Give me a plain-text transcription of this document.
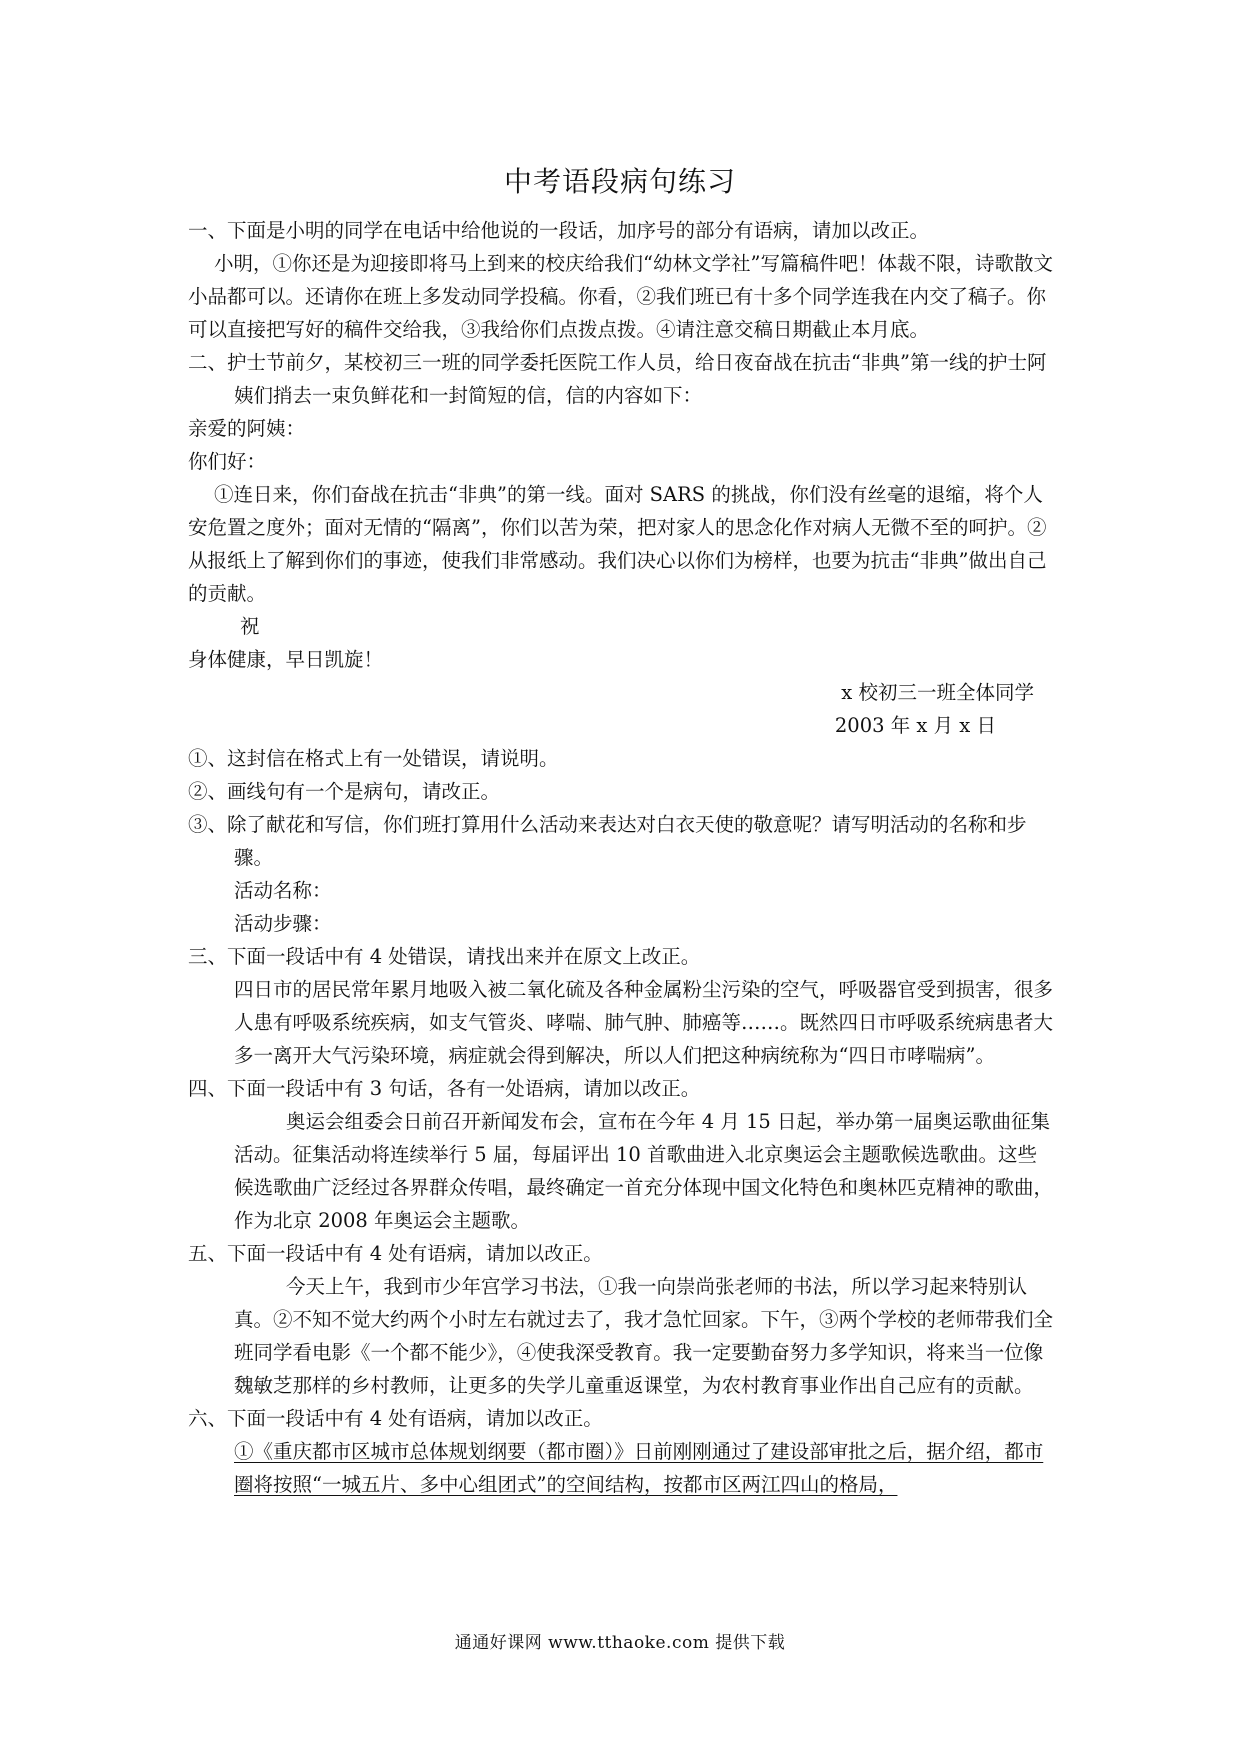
中考语段病句练习

一、下面是小明的同学在电话中给他说的一段话，加序号的部分有语病，请加以改正。

小明，①你还是为迎接即将马上到来的校庆给我们“幼林文学社”写篇稿件吧！体裁不限，诗歌散文小品都可以。还请你在班上多发动同学投稿。你看，②我们班已有十多个同学连我在内交了稿子。你可以直接把写好的稿件交给我，③我给你们点拨点拨。④请注意交稿日期截止本月底。

二、护士节前夕，某校初三一班的同学委托医院工作人员，给日夜奋战在抗击“非典”第一线的护士阿姨们捎去一束负鲜花和一封简短的信，信的内容如下：

亲爱的阿姨：

你们好：

①连日来，你们奋战在抗击“非典”的第一线。面对 SARS 的挑战，你们没有丝毫的退缩，将个人安危置之度外；面对无情的“隔离”，你们以苦为荣，把对家人的思念化作对病人无微不至的呵护。②从报纸上了解到你们的事迹，使我们非常感动。我们决心以你们为榜样，也要为抗击“非典”做出自己的贡献。

祝

身体健康，早日凯旋！

x 校初三一班全体同学

2003 年 x 月 x 日

①、这封信在格式上有一处错误，请说明。

②、画线句有一个是病句，请改正。

③、除了献花和写信，你们班打算用什么活动来表达对白衣天使的敬意呢？请写明活动的名称和步骤。

活动名称：

活动步骤：

三、下面一段话中有 4 处错误，请找出来并在原文上改正。

四日市的居民常年累月地吸入被二氧化硫及各种金属粉尘污染的空气，呼吸器官受到损害，很多人患有呼吸系统疾病，如支气管炎、哮喘、肺气肿、肺癌等……。既然四日市呼吸系统病患者大多一离开大气污染环境，病症就会得到解决，所以人们把这种病统称为“四日市哮喘病”。

四、下面一段话中有 3 句话，各有一处语病，请加以改正。

奥运会组委会日前召开新闻发布会，宣布在今年 4 月 15 日起，举办第一届奥运歌曲征集活动。征集活动将连续举行 5 届，每届评出 10 首歌曲进入北京奥运会主题歌候选歌曲。这些候选歌曲广泛经过各界群众传唱，最终确定一首充分体现中国文化特色和奥林匹克精神的歌曲，作为北京 2008 年奥运会主题歌。

五、下面一段话中有 4 处有语病，请加以改正。

今天上午，我到市少年宫学习书法，①我一向崇尚张老师的书法，所以学习起来特别认真。②不知不觉大约两个小时左右就过去了，我才急忙回家。下午，③两个学校的老师带我们全班同学看电影《一个都不能少》，④使我深受教育。我一定要勤奋努力多学知识，将来当一位像魏敏芝那样的乡村教师，让更多的失学儿童重返课堂，为农村教育事业作出自己应有的贡献。

六、下面一段话中有 4 处有语病，请加以改正。

①《重庆都市区城市总体规划纲要（都市圈）》日前刚刚通过了建设部审批之后，据介绍，都市圈将按照“一城五片、多中心组团式”的空间结构，按都市区两江四山的格局，

通通好课网 www.tthaoke.com 提供下载
